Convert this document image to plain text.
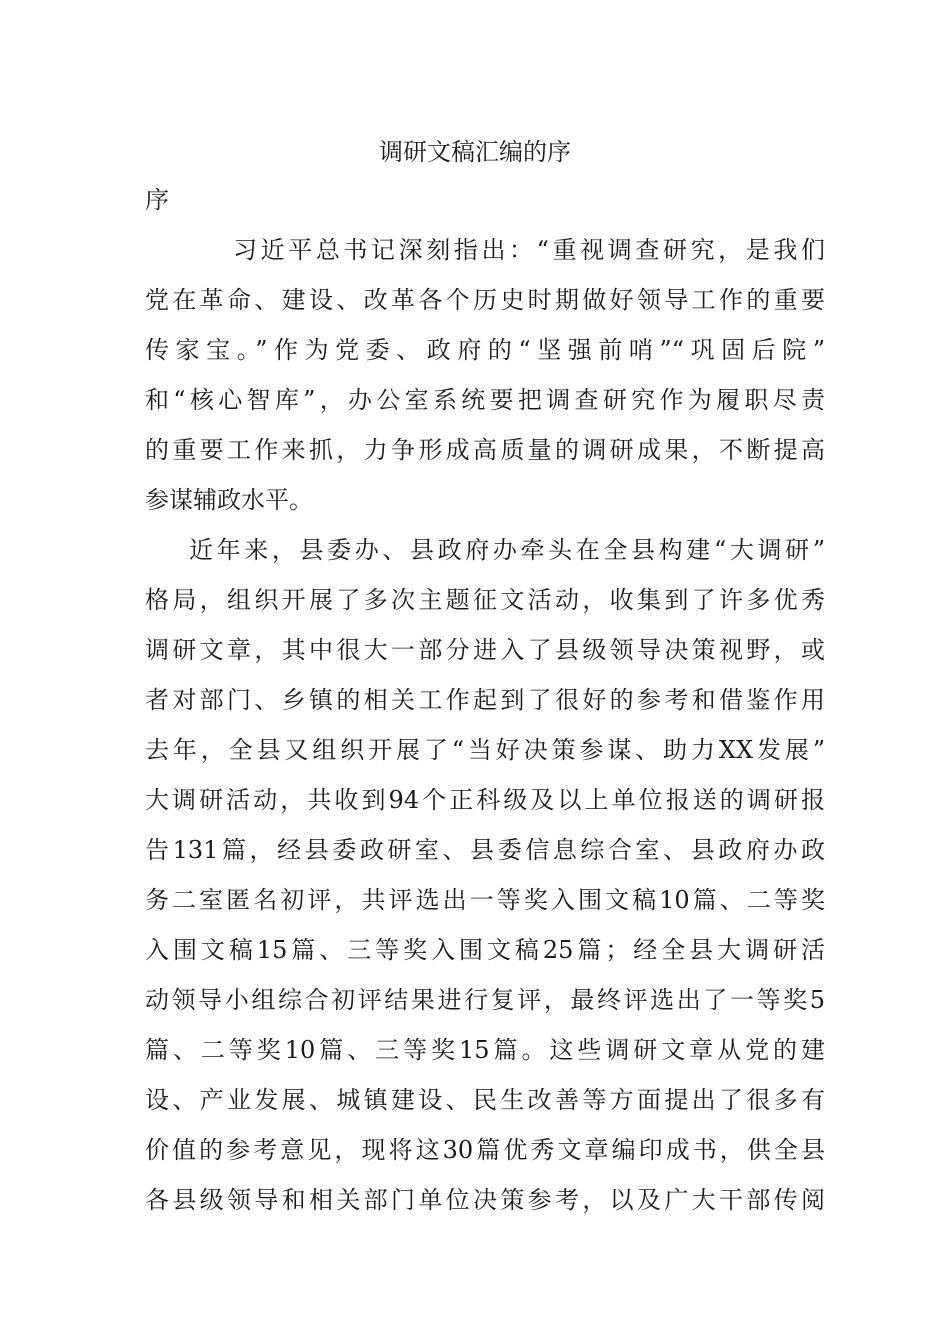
调研文稿汇编的序
序

习近平总书记深刻指出：“重视调查研究，是我们

党在革命、建设、改革各个历史时期做好领导工作的重要

传家宝。”作为党委、政府的“坚强前哨”“巩固后院”

和“核心智库”，办公室系统要把调查研究作为履职尽责

的重要工作来抓，力争形成高质量的调研成果，不断提高

参谋辅政水平。

近年来，县委办、县政府办牵头在全县构建“大调研”

格局，组织开展了多次主题征文活动，收集到了许多优秀

调研文章，其中很大一部分进入了县级领导决策视野，或

者对部门、乡镇的相关工作起到了很好的参考和借鉴作用

去年，全县又组织开展了“当好决策参谋、助力XX发展”

大调研活动，共收到94个正科级及以上单位报送的调研报

告131篇，经县委政研室、县委信息综合室、县政府办政

务二室匿名初评，共评选出一等奖入围文稿10篇、二等奖

入围文稿15篇、三等奖入围文稿25篇；经全县大调研活

动领导小组综合初评结果进行复评，最终评选出了一等奖5

篇、二等奖10篇、三等奖15篇。这些调研文章从党的建

设、产业发展、城镇建设、民生改善等方面提出了很多有

价值的参考意见，现将这30篇优秀文章编印成书，供全县

各县级领导和相关部门单位决策参考，以及广大干部传阅
